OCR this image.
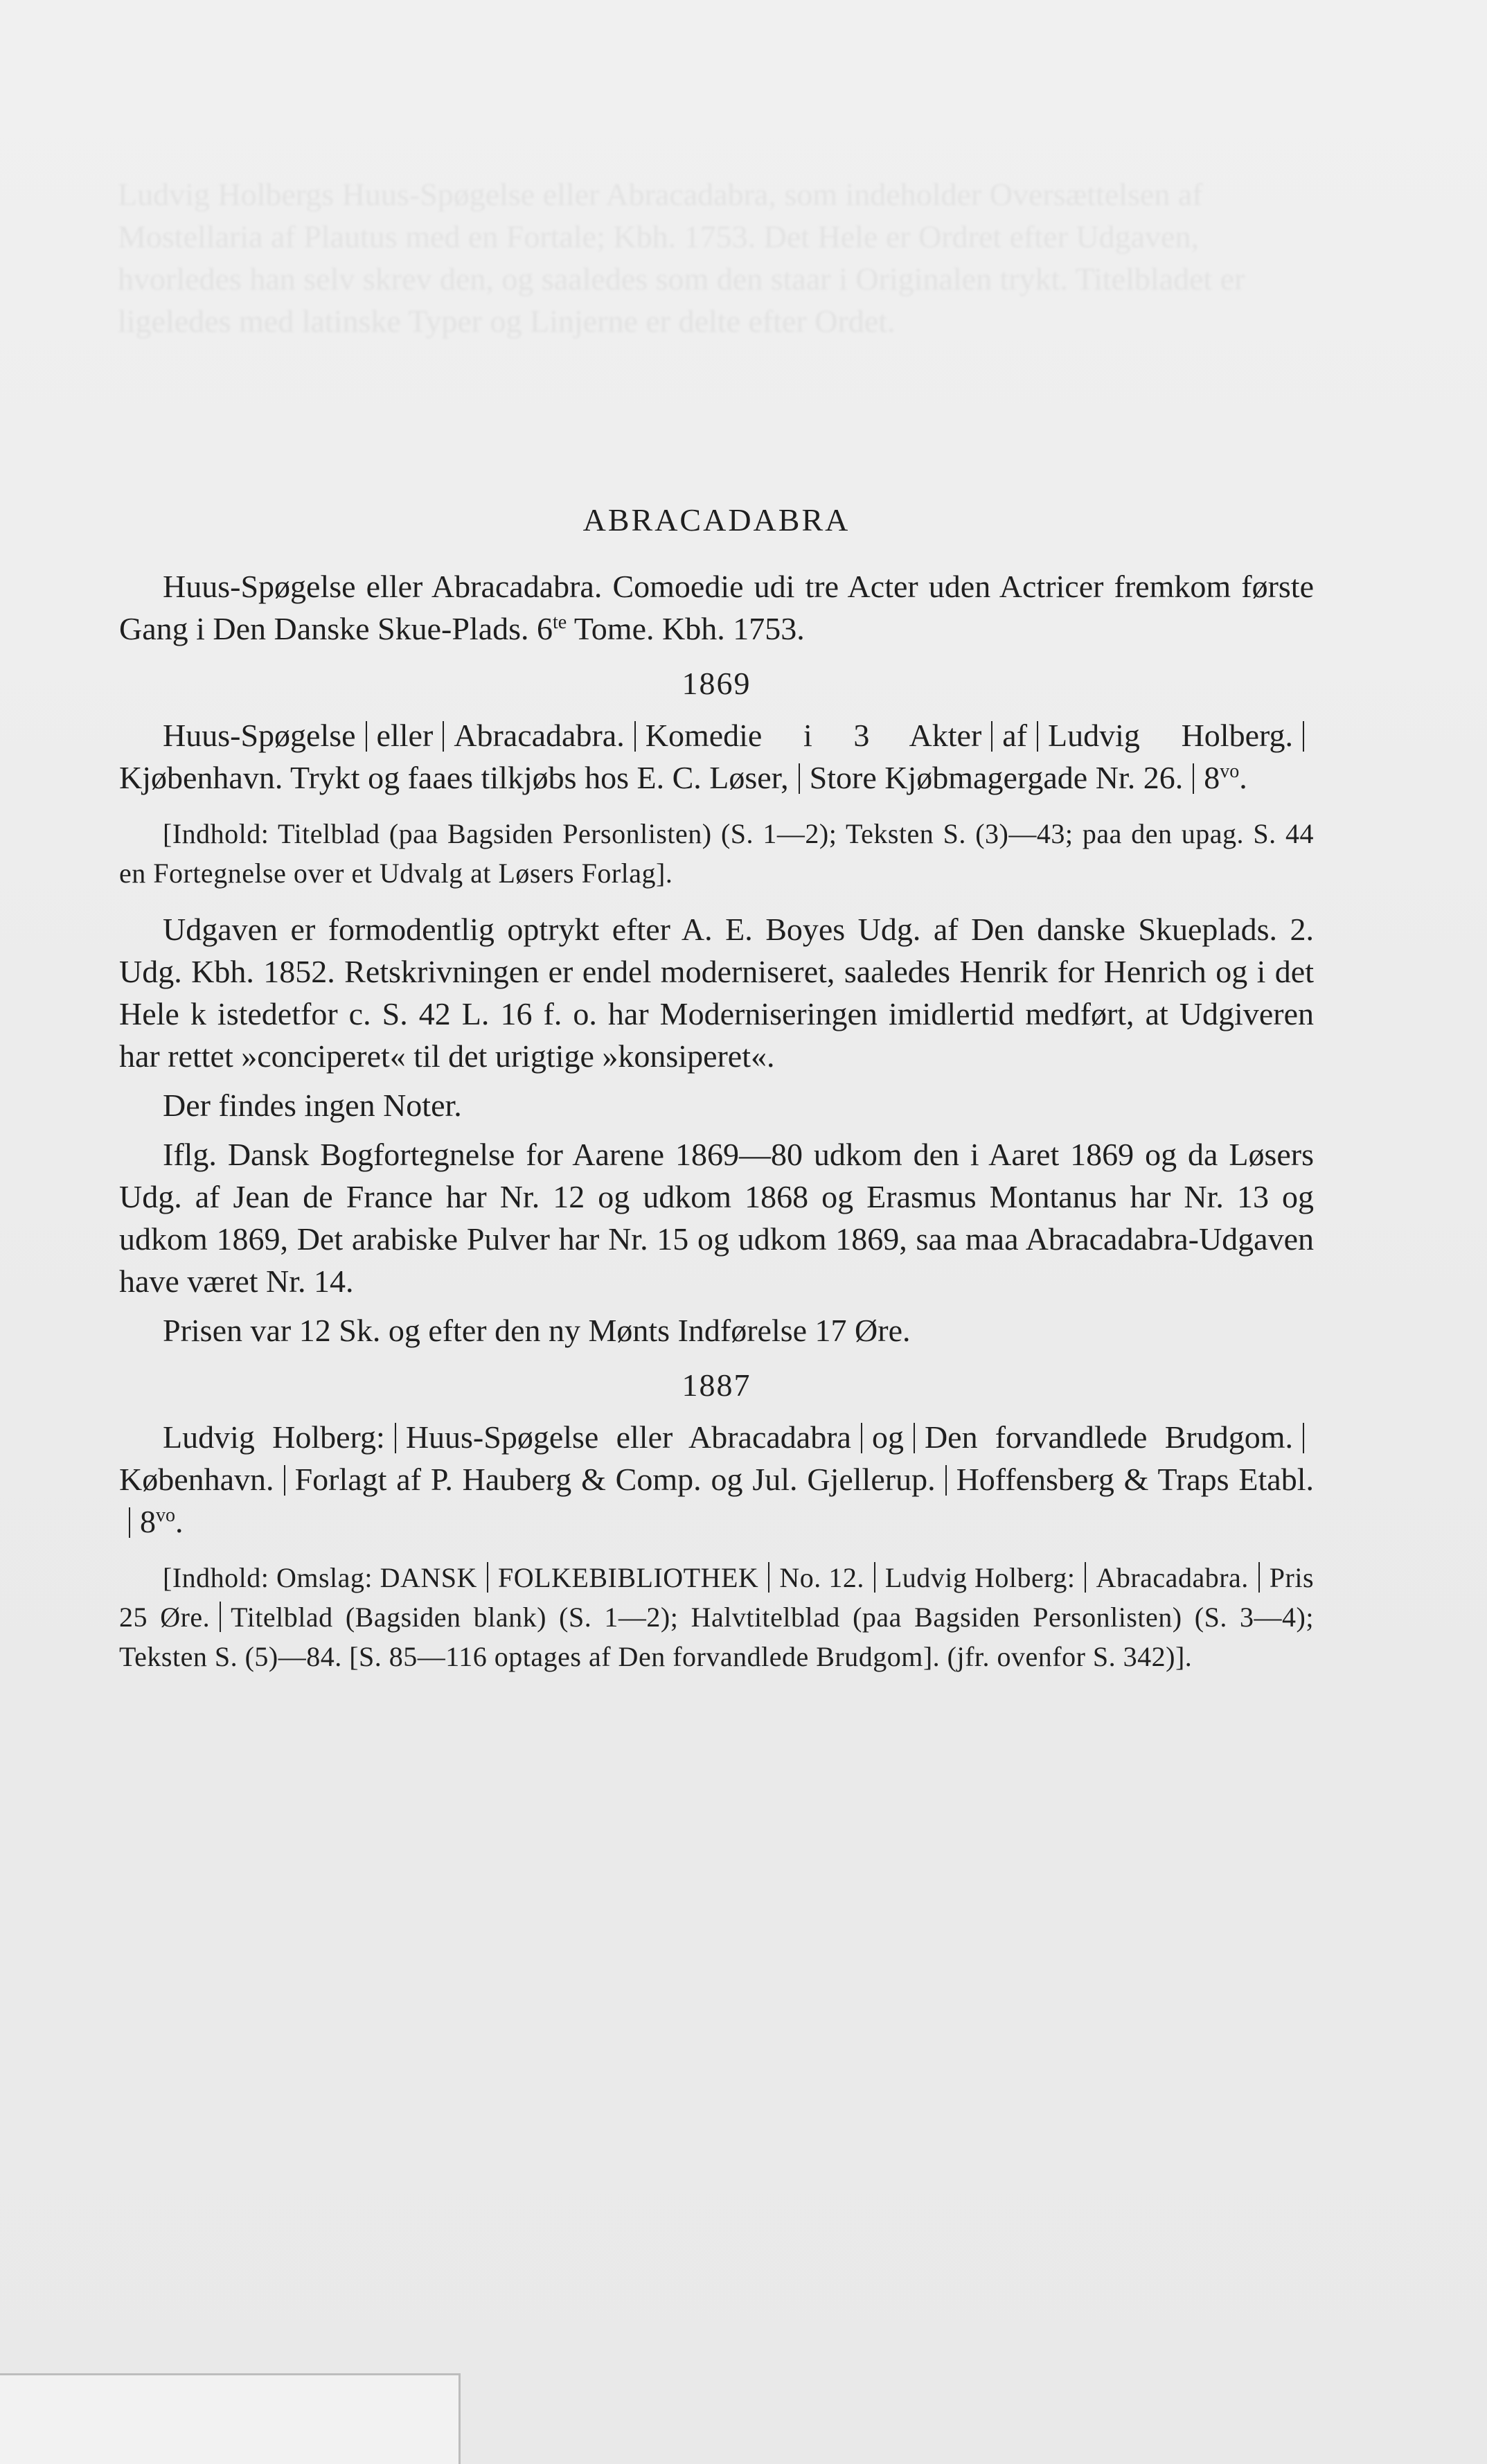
Ludvig Holbergs Huus-Spøgelse eller Abracadabra, som indeholder Oversættelsen af Mostellaria af Plautus med en Fortale; Kbh. 1753. Det Hele er Ordret efter Udgaven, hvorledes han selv skrev den, og saaledes som den staar i Originalen trykt. Titelbladet er ligeledes med latinske Typer og Linjerne er delte efter Ordet.
ABRACADABRA

Huus-Spøgelse eller Abracadabra. Comoedie udi tre Acter uden Actricer fremkom første Gang i Den Danske Skue-Plads. $6^{te}$ Tome. Kbh. 1753.

1869

Huus-Spøgelse eller Abracadabra. Komedie i 3 Akter af Ludvig Holberg.Kjøbenhavn. Trykt og faaes tilkjøbs hos E. C. Løser, Store Kjøbmagergade Nr. 26. $8^{vo}$.

[Indhold: Titelblad (paa Bagsiden Personlisten) (S. 1—2); Teksten S. (3)—43; paa den upag. S. 44 en Fortegnelse over et Udvalg at Løsers Forlag].

Udgaven er formodentlig optrykt efter A. E. Boyes Udg. af Den danske Skueplads. 2. Udg. Kbh. 1852. Retskrivningen er endel moderniseret, saaledes Henrik for Henrich og i det Hele k istedetfor c. S. 42 L. 16 f. o. har Moderniseringen imidlertid medført, at Udgiveren har rettet »conciperet« til det urigtige »konsiperet«.

Der findes ingen Noter.

Iflg. Dansk Bogfortegnelse for Aarene 1869—80 udkom den i Aaret 1869 og da Løsers Udg. af Jean de France har Nr. 12 og udkom 1868 og Erasmus Montanus har Nr. 13 og udkom 1869, Det arabiske Pulver har Nr. 15 og udkom 1869, saa maa Abracadabra-Udgaven have været Nr. 14.

Prisen var 12 Sk. og efter den ny Mønts Indførelse 17 Øre.

1887

Ludvig Holberg: Huus-Spøgelse eller Abracadabra og Den forvandlede Brudgom.København. Forlagt af P. Hauberg & Comp. og Jul. Gjellerup. Hoffensberg & Traps $Etabl.8^{vo}$.

[Indhold: Omslag: DANSK FOLKEBIBLIOTHEK No. 12. Ludvig Holberg: Abracadabra. Pris 25 Øre. Titelblad (Bagsiden blank) (S. 1—2); Halvtitelblad (paa Bagsiden Personlisten) (S. 3—4); Teksten S. (5)—84. [S. 85—116 optages af Den forvandlede Brudgom]. (jfr. ovenfor S. 342)].
